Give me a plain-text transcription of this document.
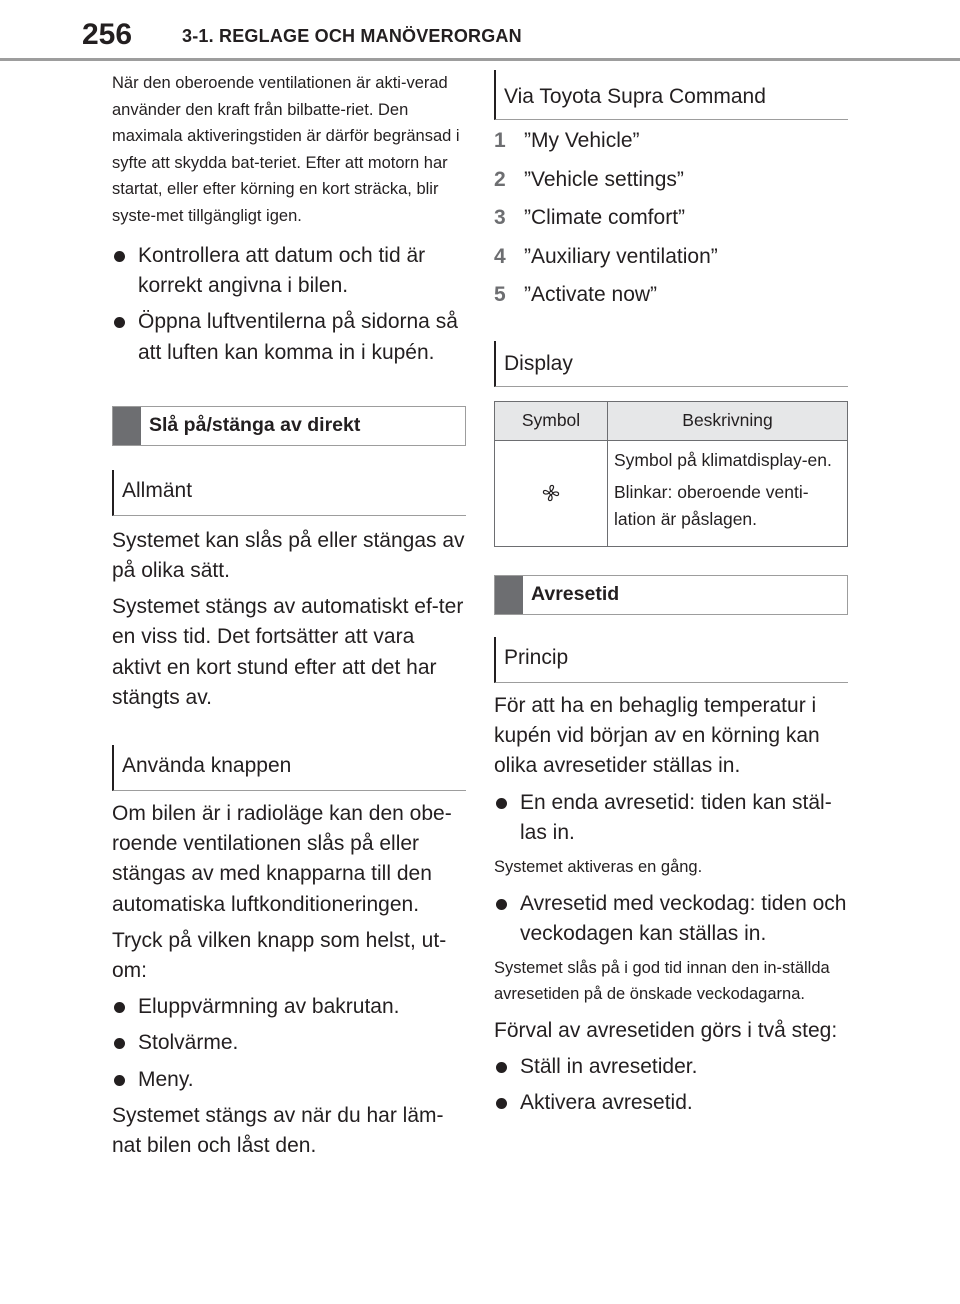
256	3-1. REGLAGE OCH MANÖVERORGAN

När den oberoende ventilationen är akti-verad använder den kraft från bilbatte-riet. Den maximala aktiveringstiden är därför begränsad i syfte att skydda bat-teriet. Efter att motorn har startat, eller efter körning en kort sträcka, blir syste-met tillgängligt igen.

Kontrollera att datum och tid är korrekt angivna i bilen.
Öppna luftventilerna på sidorna så att luften kan komma in i kupén.
Slå på/stänga av direkt
Allmänt

Systemet kan slås på eller stängas av på olika sätt.

Systemet stängs av automatiskt ef-ter en viss tid. Det fortsätter att vara aktivt en kort stund efter att det har stängts av.

Använda knappen

Om bilen är i radioläge kan den obe-roende ventilationen slås på eller stängas av med knapparna till den automatiska luftkonditioneringen.

Tryck på vilken knapp som helst, ut-om:

Eluppvärmning av bakrutan.
Stolvärme.
Meny.

Systemet stängs av när du har läm-nat bilen och låst den.

Via Toyota Supra Command
1 ”My Vehicle”
2 ”Vehicle settings”
3 ”Climate comfort”
4 ”Auxiliary ventilation”
5 ”Activate now”
Display
Symbol	Beskrivning

Symbol på klimatdisplay-en.

Blinkar: oberoende venti-lation är påslagen.

Avresetid
Princip

För att ha en behaglig temperatur i kupén vid början av en körning kan olika avresetider ställas in.

En enda avresetid: tiden kan stäl-las in.

Systemet aktiveras en gång.

Avresetid med veckodag: tiden och veckodagen kan ställas in.

Systemet slås på i god tid innan den in-ställda avresetiden på de önskade veckodagarna.

Förval av avresetiden görs i två steg:

Ställ in avresetider.
Aktivera avresetid.
